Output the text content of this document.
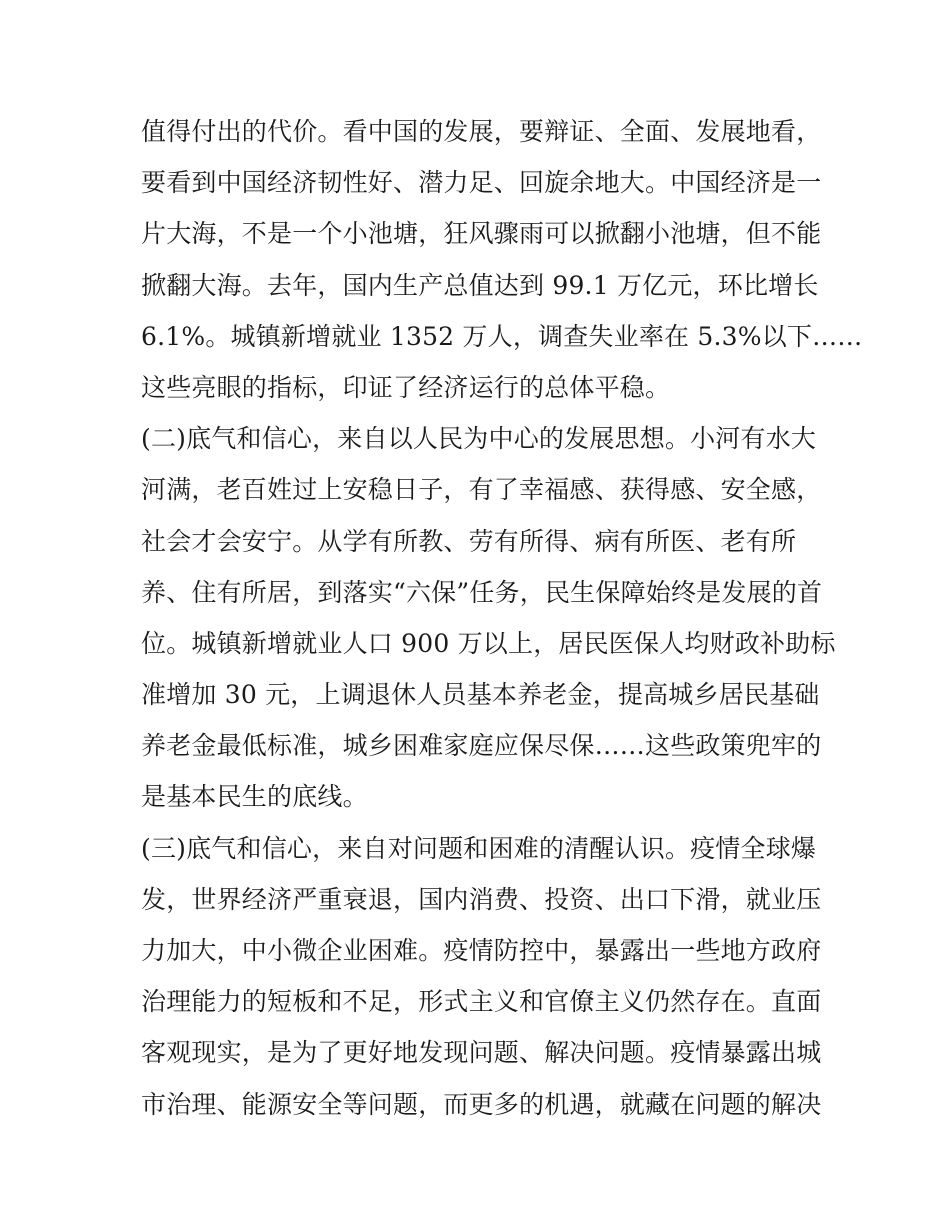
值得付出的代价。看中国的发展，要辩证、全面、发展地看，
要看到中国经济韧性好、潜力足、回旋余地大。中国经济是一
片大海，不是一个小池塘，狂风骤雨可以掀翻小池塘，但不能
掀翻大海。去年，国内生产总值达到 99.1 万亿元，环比增长
6.1%。城镇新增就业 1352 万人，调查失业率在 5.3%以下……
这些亮眼的指标，印证了经济运行的总体平稳。
(二)底气和信心，来自以人民为中心的发展思想。小河有水大
河满，老百姓过上安稳日子，有了幸福感、获得感、安全感，
社会才会安宁。从学有所教、劳有所得、病有所医、老有所
养、住有所居，到落实“六保”任务，民生保障始终是发展的首
位。城镇新增就业人口 900 万以上，居民医保人均财政补助标
准增加 30 元，上调退休人员基本养老金，提高城乡居民基础
养老金最低标准，城乡困难家庭应保尽保……这些政策兜牢的
是基本民生的底线。
(三)底气和信心，来自对问题和困难的清醒认识。疫情全球爆
发，世界经济严重衰退，国内消费、投资、出口下滑，就业压
力加大，中小微企业困难。疫情防控中，暴露出一些地方政府
治理能力的短板和不足，形式主义和官僚主义仍然存在。直面
客观现实，是为了更好地发现问题、解决问题。疫情暴露出城
市治理、能源安全等问题，而更多的机遇，就藏在问题的解决
